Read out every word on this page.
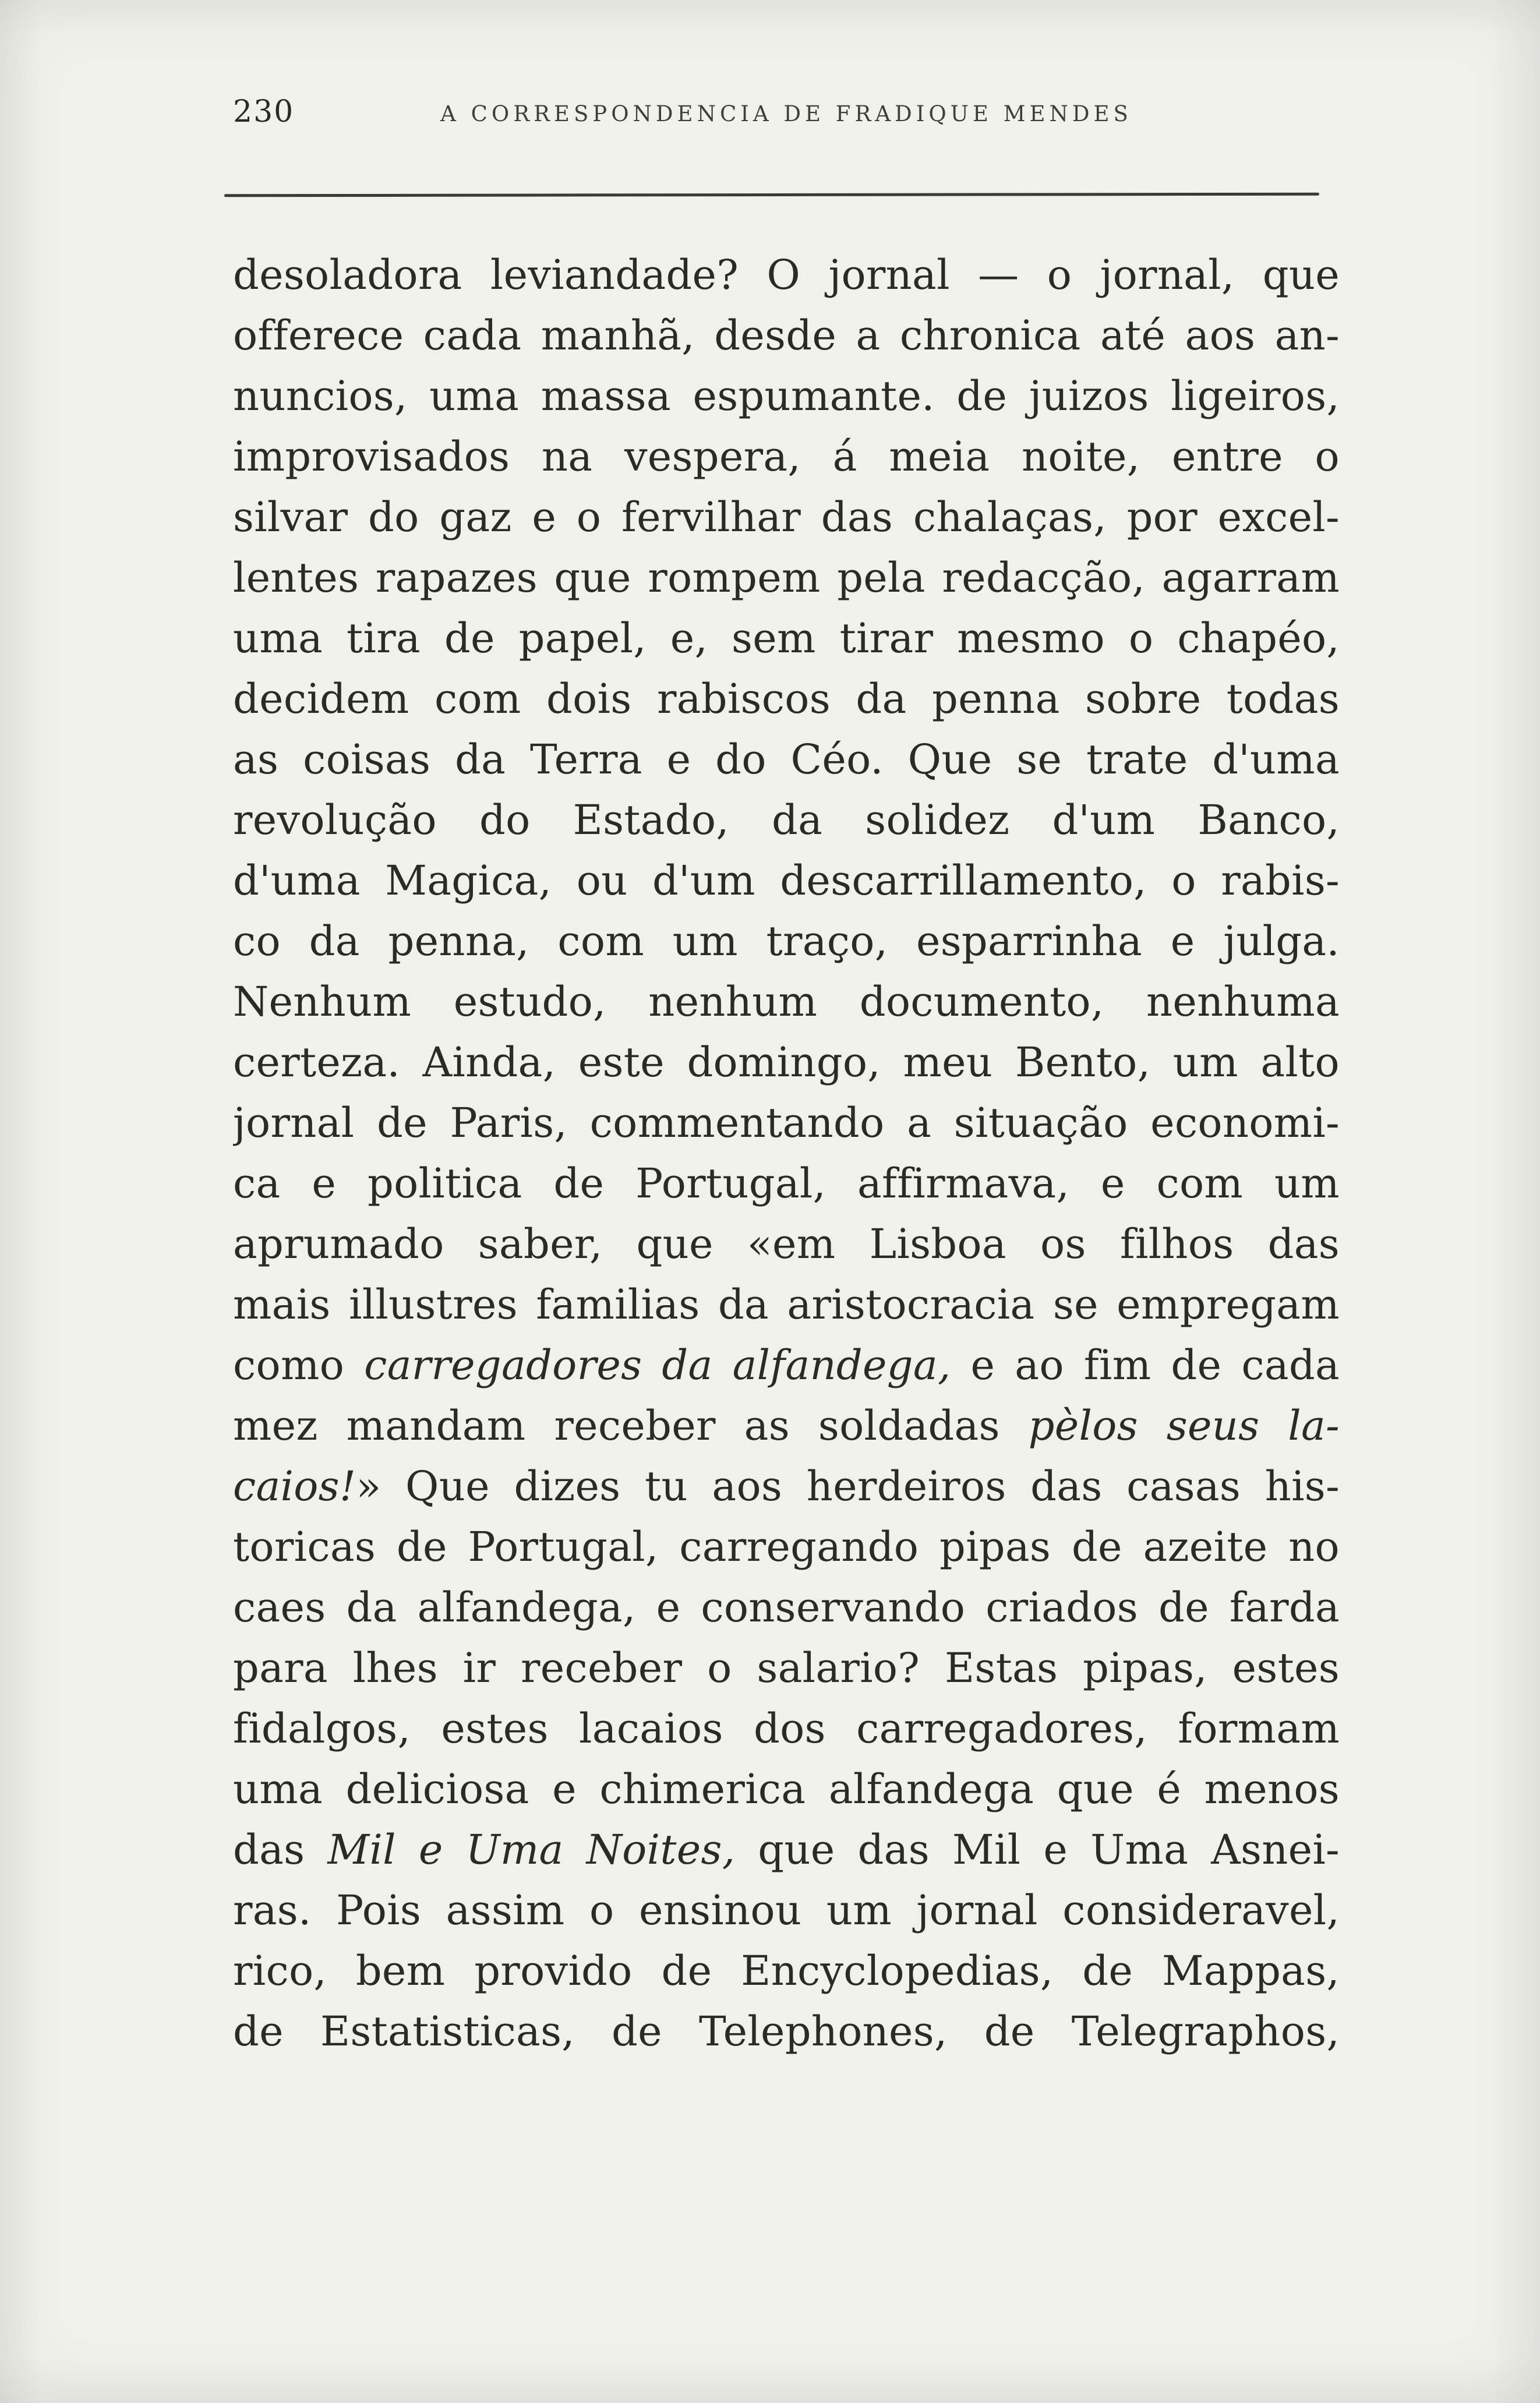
230	A CORRESPONDENCIA DE FRADIQUE MENDES
desoladora leviandade? O jornal — o jornal, que
offerece cada manhã, desde a chronica até aos an-
nuncios, uma massa espumante. de juizos ligeiros,
improvisados na vespera, á meia noite, entre o
silvar do gaz e o fervilhar das chalaças, por excel-
lentes rapazes que rompem pela redacção, agarram
uma tira de papel, e, sem tirar mesmo o chapéo,
decidem com dois rabiscos da penna sobre todas
as coisas da Terra e do Céo. Que se trate d'uma
revolução do Estado, da solidez d'um Banco,
d'uma Magica, ou d'um descarrillamento, o rabis-
co da penna, com um traço, esparrinha e julga.
Nenhum estudo, nenhum documento, nenhuma
certeza. Ainda, este domingo, meu Bento, um alto
jornal de Paris, commentando a situação economi-
ca e politica de Portugal, affirmava, e com um
aprumado saber, que «em Lisboa os filhos das
mais illustres familias da aristocracia se empregam
como carregadores da alfandega, e ao fim de cada
mez mandam receber as soldadas pèlos seus la-
caios!» Que dizes tu aos herdeiros das casas his-
toricas de Portugal, carregando pipas de azeite no
caes da alfandega, e conservando criados de farda
para lhes ir receber o salario? Estas pipas, estes
fidalgos, estes lacaios dos carregadores, formam
uma deliciosa e chimerica alfandega que é menos
das Mil e Uma Noites, que das Mil e Uma Asnei-
ras. Pois assim o ensinou um jornal consideravel,
rico, bem provido de Encyclopedias, de Mappas,
de Estatisticas, de Telephones, de Telegraphos,
